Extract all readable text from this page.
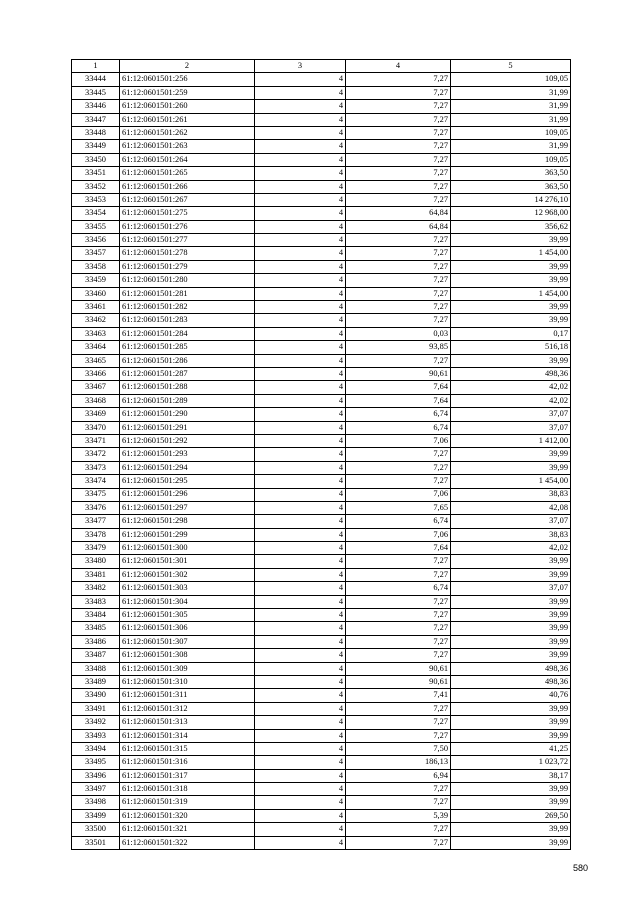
1	2	3	4	5
33444	61:12:0601501:256	4	7,27	109,05
33445	61:12:0601501:259	4	7,27	31,99
33446	61:12:0601501:260	4	7,27	31,99
33447	61:12:0601501:261	4	7,27	31,99
33448	61:12:0601501:262	4	7,27	109,05
33449	61:12:0601501:263	4	7,27	31,99
33450	61:12:0601501:264	4	7,27	109,05
33451	61:12:0601501:265	4	7,27	363,50
33452	61:12:0601501:266	4	7,27	363,50
33453	61:12:0601501:267	4	7,27	14 276,10
33454	61:12:0601501:275	4	64,84	12 968,00
33455	61:12:0601501:276	4	64,84	356,62
33456	61:12:0601501:277	4	7,27	39,99
33457	61:12:0601501:278	4	7,27	1 454,00
33458	61:12:0601501:279	4	7,27	39,99
33459	61:12:0601501:280	4	7,27	39,99
33460	61:12:0601501:281	4	7,27	1 454,00
33461	61:12:0601501:282	4	7,27	39,99
33462	61:12:0601501:283	4	7,27	39,99
33463	61:12:0601501:284	4	0,03	0,17
33464	61:12:0601501:285	4	93,85	516,18
33465	61:12:0601501:286	4	7,27	39,99
33466	61:12:0601501:287	4	90,61	498,36
33467	61:12:0601501:288	4	7,64	42,02
33468	61:12:0601501:289	4	7,64	42,02
33469	61:12:0601501:290	4	6,74	37,07
33470	61:12:0601501:291	4	6,74	37,07
33471	61:12:0601501:292	4	7,06	1 412,00
33472	61:12:0601501:293	4	7,27	39,99
33473	61:12:0601501:294	4	7,27	39,99
33474	61:12:0601501:295	4	7,27	1 454,00
33475	61:12:0601501:296	4	7,06	38,83
33476	61:12:0601501:297	4	7,65	42,08
33477	61:12:0601501:298	4	6,74	37,07
33478	61:12:0601501:299	4	7,06	38,83
33479	61:12:0601501:300	4	7,64	42,02
33480	61:12:0601501:301	4	7,27	39,99
33481	61:12:0601501:302	4	7,27	39,99
33482	61:12:0601501:303	4	6,74	37,07
33483	61:12:0601501:304	4	7,27	39,99
33484	61:12:0601501:305	4	7,27	39,99
33485	61:12:0601501:306	4	7,27	39,99
33486	61:12:0601501:307	4	7,27	39,99
33487	61:12:0601501:308	4	7,27	39,99
33488	61:12:0601501:309	4	90,61	498,36
33489	61:12:0601501:310	4	90,61	498,36
33490	61:12:0601501:311	4	7,41	40,76
33491	61:12:0601501:312	4	7,27	39,99
33492	61:12:0601501:313	4	7,27	39,99
33493	61:12:0601501:314	4	7,27	39,99
33494	61:12:0601501:315	4	7,50	41,25
33495	61:12:0601501:316	4	186,13	1 023,72
33496	61:12:0601501:317	4	6,94	38,17
33497	61:12:0601501:318	4	7,27	39,99
33498	61:12:0601501:319	4	7,27	39,99
33499	61:12:0601501:320	4	5,39	269,50
33500	61:12:0601501:321	4	7,27	39,99
33501	61:12:0601501:322	4	7,27	39,99
580
